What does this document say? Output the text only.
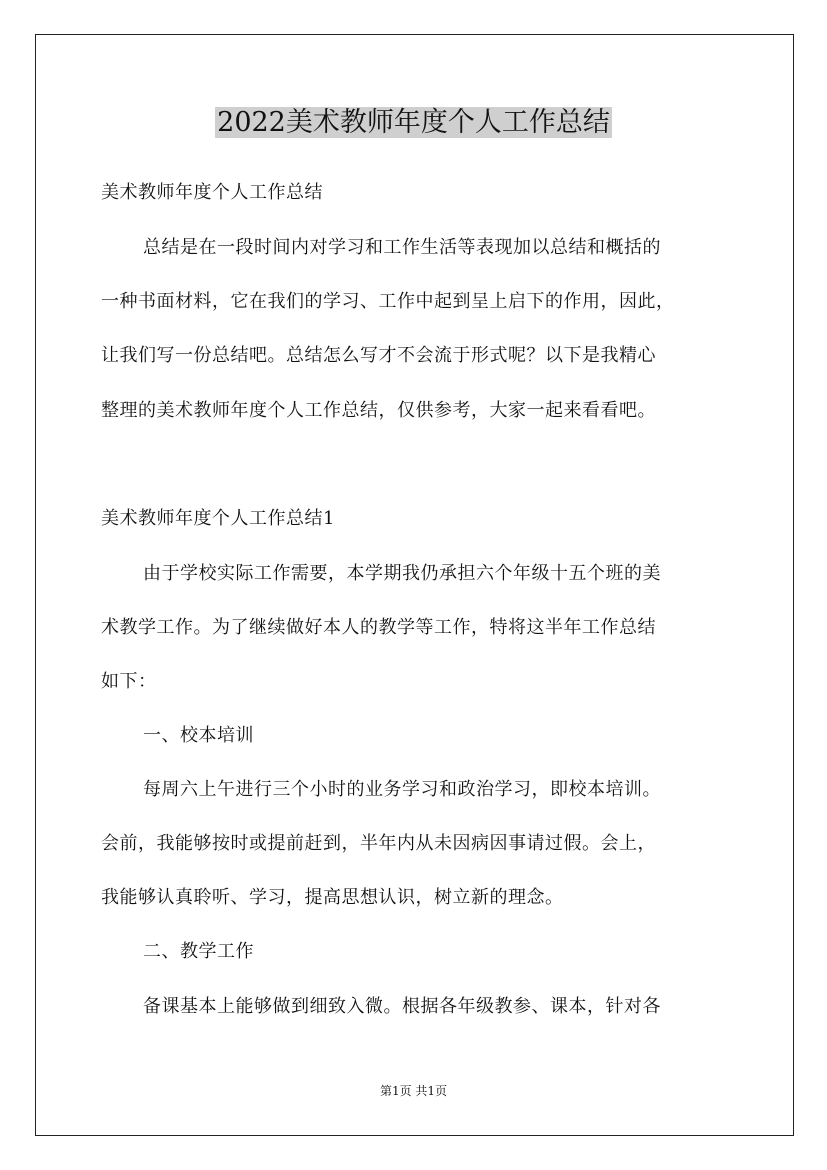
2022美术教师年度个人工作总结
美术教师年度个人工作总结
总结是在一段时间内对学习和工作生活等表现加以总结和概括的
一种书面材料，它在我们的学习、工作中起到呈上启下的作用，因此，
让我们写一份总结吧。总结怎么写才不会流于形式呢？以下是我精心
整理的美术教师年度个人工作总结，仅供参考，大家一起来看看吧。
美术教师年度个人工作总结1
由于学校实际工作需要，本学期我仍承担六个年级十五个班的美
术教学工作。为了继续做好本人的教学等工作，特将这半年工作总结
如下：
一、校本培训
每周六上午进行三个小时的业务学习和政治学习，即校本培训。
会前，我能够按时或提前赶到，半年内从未因病因事请过假。会上，
我能够认真聆听、学习，提高思想认识，树立新的理念。
二、教学工作
备课基本上能够做到细致入微。根据各年级教参、课本，针对各
第1页 共1页
